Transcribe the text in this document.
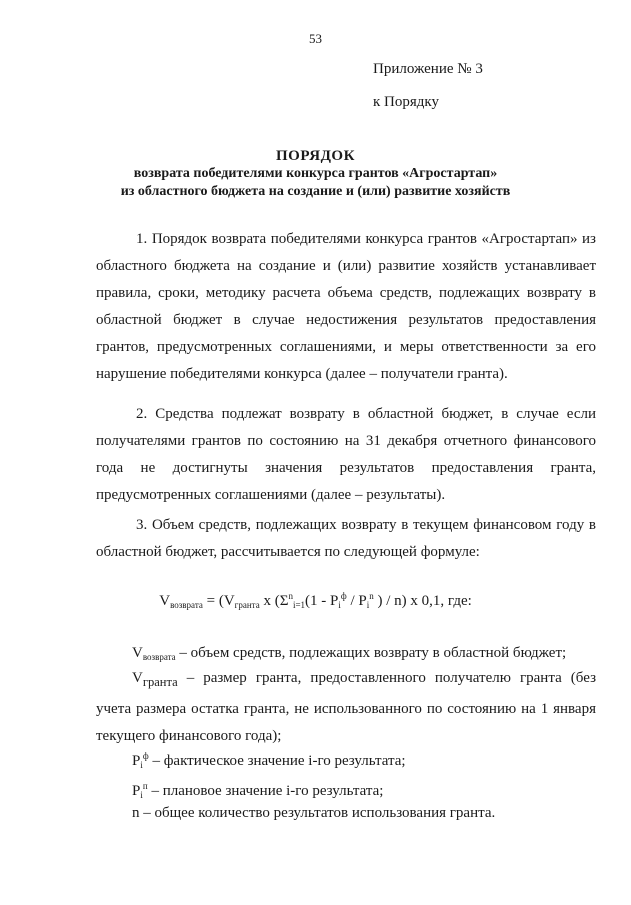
53
Приложение № 3
к Порядку
ПОРЯДОК
возврата победителями конкурса грантов «Агростартап»
из областного бюджета на создание и (или) развитие хозяйств
1. Порядок возврата победителями конкурса грантов «Агростартап» из областного бюджета на создание и (или) развитие хозяйств устанавливает правила, сроки, методику расчета объема средств, подлежащих возврату в областной бюджет в случае недостижения результатов предоставления грантов, предусмотренных соглашениями, и меры ответственности за его нарушение победителями конкурса (далее – получатели гранта).
2. Средства подлежат возврату в областной бюджет, в случае если получателями грантов по состоянию на 31 декабря отчетного финансового года не достигнуты значения результатов предоставления гранта, предусмотренных соглашениями (далее – результаты).
3. Объем средств, подлежащих возврату в текущем финансовом году в областной бюджет, рассчитывается по следующей формуле:
$V_{возврата} = (V_{гранта}$ x ($\Sigma^n_{i=1}(1 - P_i^ф / P_i^n$ ) / n) x 0,1, где:
$V_{возврата}$ – объем средств, подлежащих возврату в областной бюджет;
$V_{гранта}$ – размер гранта, предоставленного получателю гранта (без учета размера остатка гранта, не использованного по состоянию на 1 января текущего финансового года);
$P_i^ф$ – фактическое значение i-го результата;
$P_i^п$ – плановое значение i-го результата;
n – общее количество результатов использования гранта.
